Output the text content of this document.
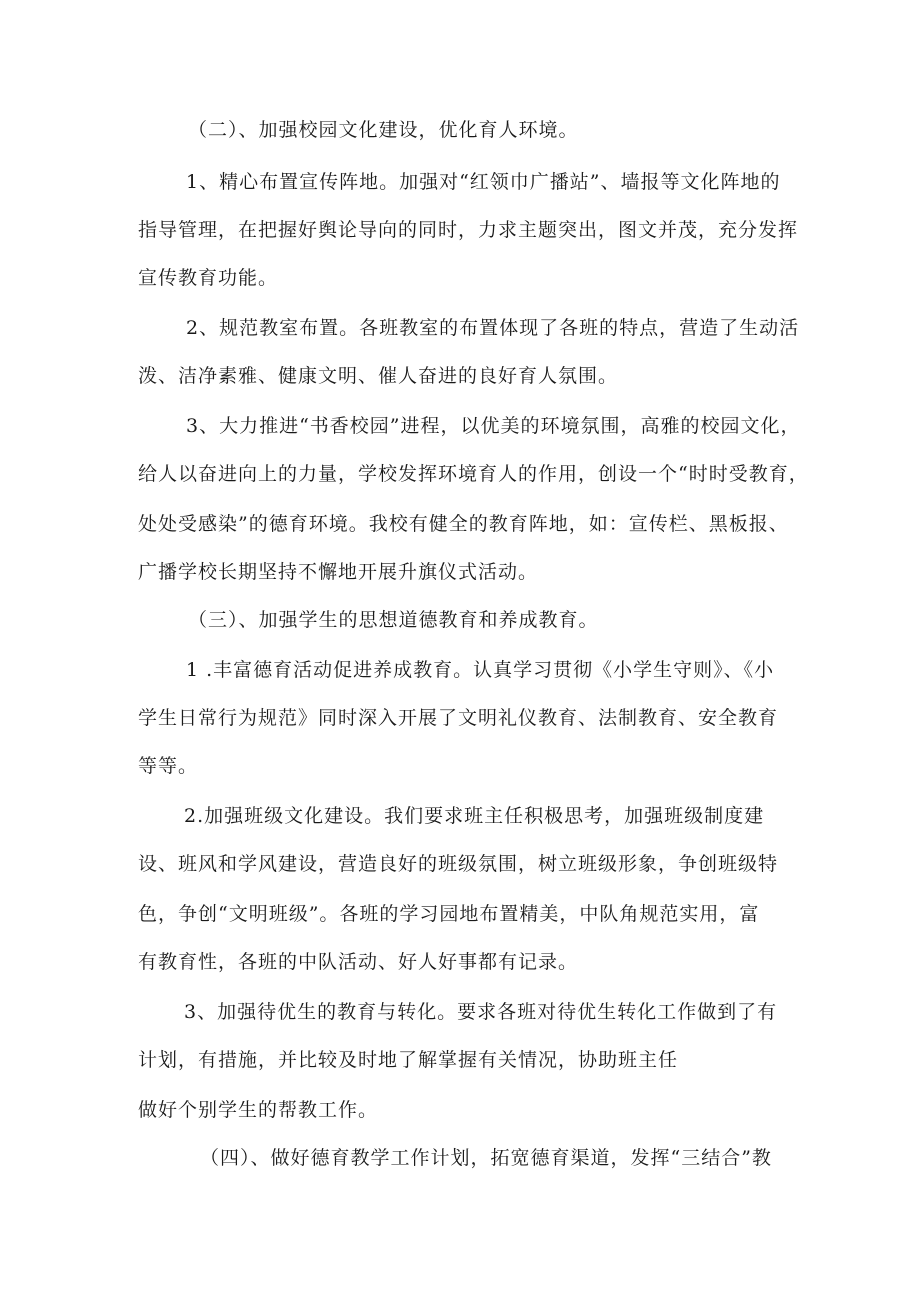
（二）、加强校园文化建设，优化育人环境。
1、精心布置宣传阵地。加强对“红领巾广播站”、墙报等文化阵地的
指导管理，在把握好舆论导向的同时，力求主题突出，图文并茂，充分发挥
宣传教育功能。
2、规范教室布置。各班教室的布置体现了各班的特点，营造了生动活
泼、洁净素雅、健康文明、催人奋进的良好育人氛围。
3、大力推进“书香校园”进程，以优美的环境氛围，高雅的校园文化，
给人以奋进向上的力量，学校发挥环境育人的作用，创设一个“时时受教育，
处处受感染”的德育环境。我校有健全的教育阵地，如：宣传栏、黑板报、
广播学校长期坚持不懈地开展升旗仪式活动。
（三）、加强学生的思想道德教育和养成教育。
1 .丰富德育活动促进养成教育。认真学习贯彻《小学生守则》、《小
学生日常行为规范》同时深入开展了文明礼仪教育、法制教育、安全教育
等等。
2.加强班级文化建设。我们要求班主任积极思考，加强班级制度建
设、班风和学风建设，营造良好的班级氛围，树立班级形象，争创班级特
色，争创“文明班级”。各班的学习园地布置精美，中队角规范实用，富
有教育性，各班的中队活动、好人好事都有记录。
3、加强待优生的教育与转化。要求各班对待优生转化工作做到了有
计划，有措施，并比较及时地了解掌握有关情况，协助班主任
做好个别学生的帮教工作。
（四）、做好德育教学工作计划，拓宽德育渠道，发挥“三结合”教
